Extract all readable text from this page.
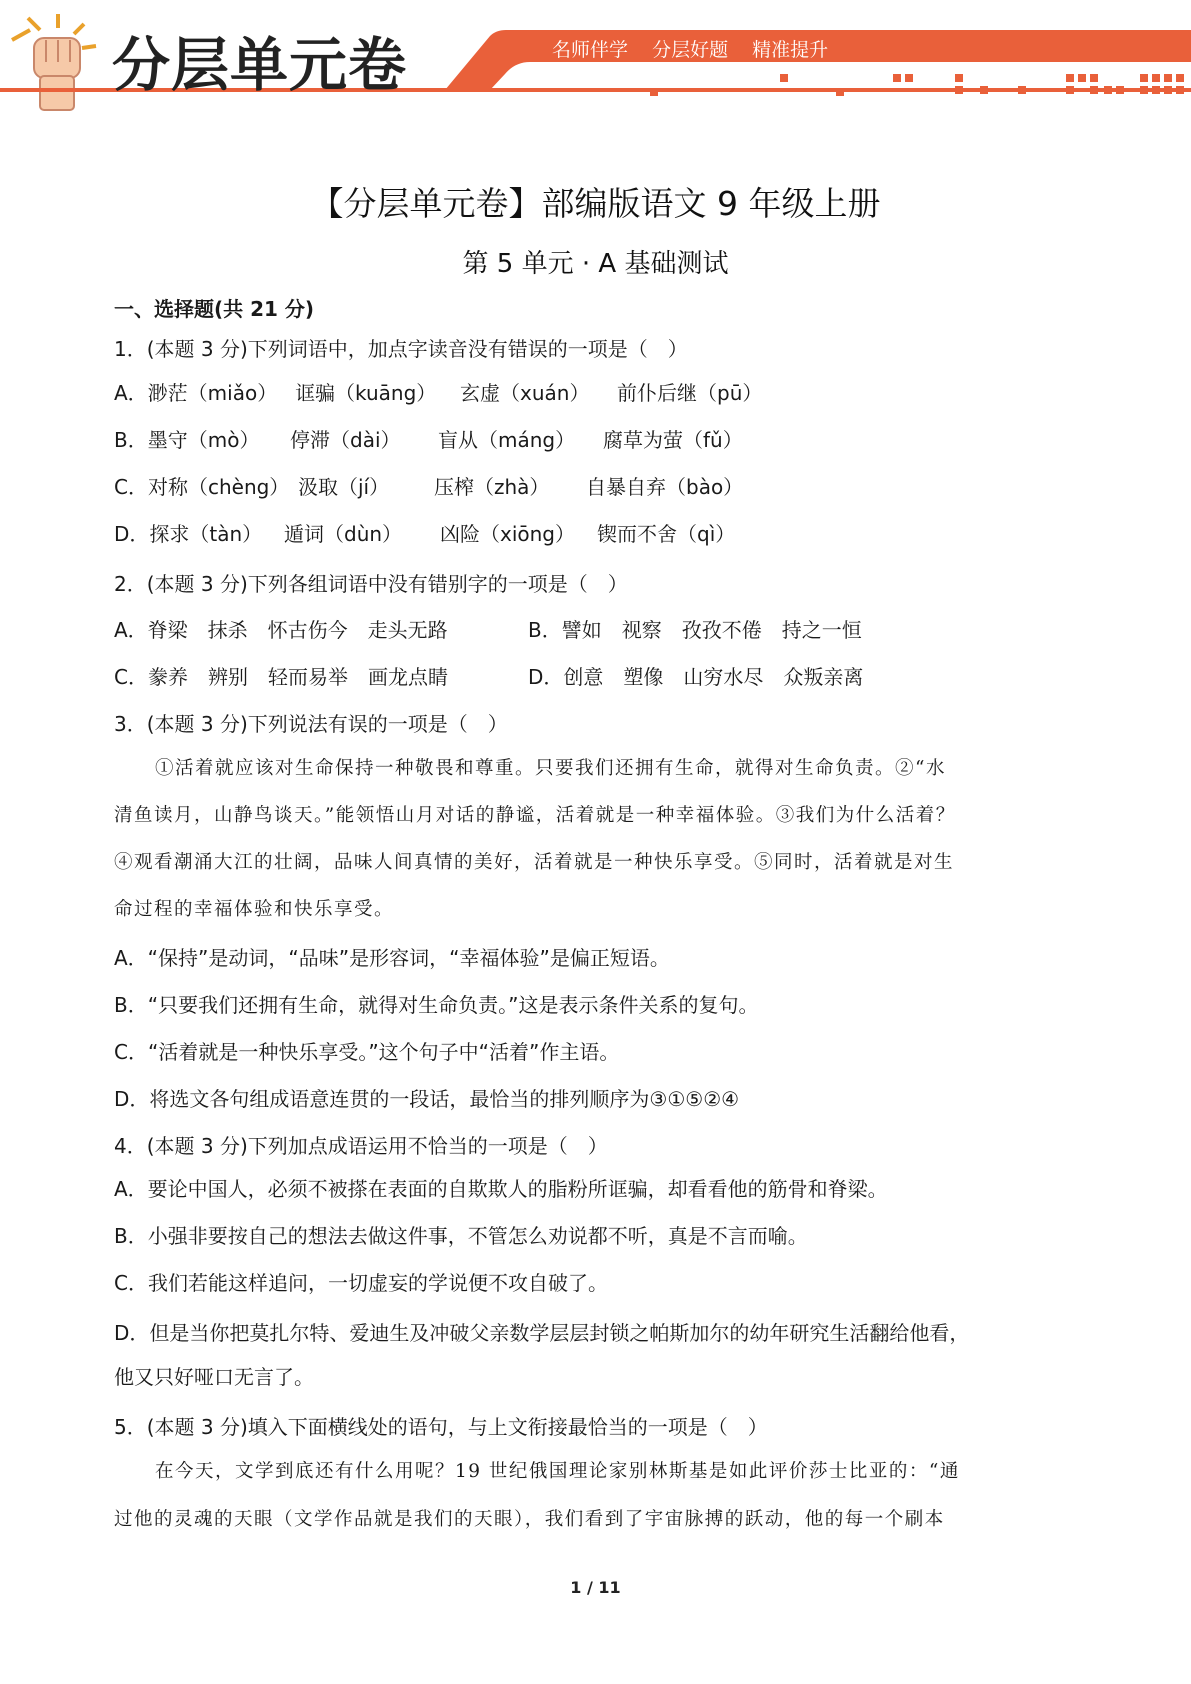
分层单元卷	名师伴学 分层好题 精准提升
【分层单元卷】部编版语文 9 年级上册
第 5 单元 · A 基础测试
一、选择题(共 21 分)
1．(本题 3 分)下列词语中，加点字读音没有错误的一项是（　）
A．渺茫（miǎo） 诓骗（kuāng） 玄虚（xuán） 前仆后继（pū）
B．墨守（mò） 停滞（dài） 盲从（máng） 腐草为萤（fǔ）
C．对称（chèng） 汲取（jí） 压榨（zhà） 自暴自弃（bào）
D．探求（tàn） 遁词（dùn） 凶险（xiōng） 锲而不舍（qì）
2．(本题 3 分)下列各组词语中没有错别字的一项是（　）
A．脊梁　抹杀　怀古伤今　走头无路	B．譬如　视察　孜孜不倦　持之一恒
C．豢养　辨别　轻而易举　画龙点睛	D．创意　塑像　山穷水尽　众叛亲离
3．(本题 3 分)下列说法有误的一项是（　）
①活着就应该对生命保持一种敬畏和尊重。只要我们还拥有生命，就得对生命负责。②“水
清鱼读月，山静鸟谈天。”能领悟山月对话的静谧，活着就是一种幸福体验。③我们为什么活着？
④观看潮涌大江的壮阔，品味人间真情的美好，活着就是一种快乐享受。⑤同时，活着就是对生
命过程的幸福体验和快乐享受。
A．“保持”是动词，“品味”是形容词，“幸福体验”是偏正短语。
B．“只要我们还拥有生命，就得对生命负责。”这是表示条件关系的复句。
C．“活着就是一种快乐享受。”这个句子中“活着”作主语。
D．将选文各句组成语意连贯的一段话，最恰当的排列顺序为③①⑤②④
4．(本题 3 分)下列加点成语运用不恰当的一项是（　）
A．要论中国人，必须不被搽在表面的自欺欺人的脂粉所诓骗，却看看他的筋骨和脊梁。
B．小强非要按自己的想法去做这件事，不管怎么劝说都不听，真是不言而喻。
C．我们若能这样追问，一切虚妄的学说便不攻自破了。
D．但是当你把莫扎尔特、爱迪生及冲破父亲数学层层封锁之帕斯加尔的幼年研究生活翻给他看，
他又只好哑口无言了。
5．(本题 3 分)填入下面横线处的语句，与上文衔接最恰当的一项是（　）
在今天，文学到底还有什么用呢？19 世纪俄国理论家别林斯基是如此评价莎士比亚的：“通
过他的灵魂的天眼（文学作品就是我们的天眼），我们看到了宇宙脉搏的跃动，他的每一个刷本
1 / 11
